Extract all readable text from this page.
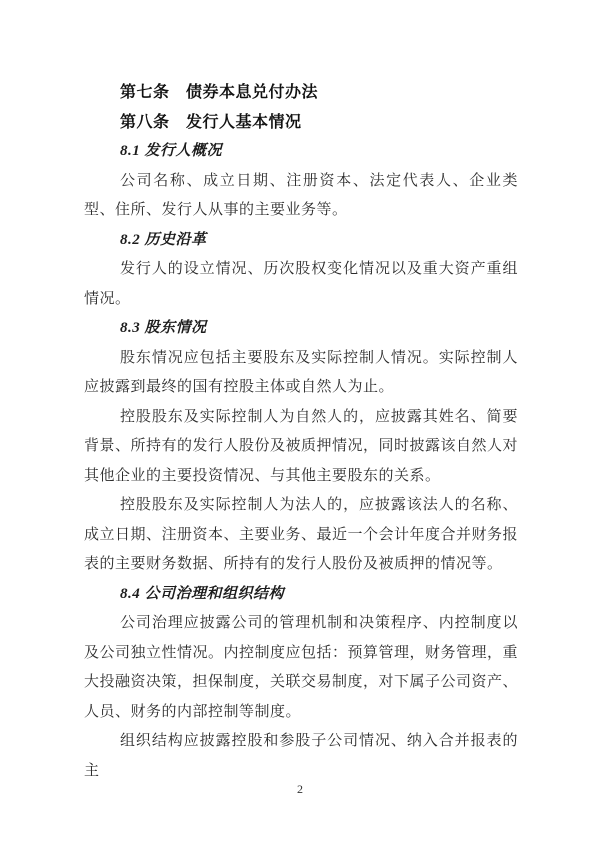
第七条　债券本息兑付办法
第八条　发行人基本情况
8.1 发行人概况
公司名称、成立日期、注册资本、法定代表人、企业类型、住所、发行人从事的主要业务等。
8.2 历史沿革
发行人的设立情况、历次股权变化情况以及重大资产重组情况。
8.3 股东情况
股东情况应包括主要股东及实际控制人情况。实际控制人应披露到最终的国有控股主体或自然人为止。
控股股东及实际控制人为自然人的，应披露其姓名、简要背景、所持有的发行人股份及被质押情况，同时披露该自然人对其他企业的主要投资情况、与其他主要股东的关系。
控股股东及实际控制人为法人的，应披露该法人的名称、成立日期、注册资本、主要业务、最近一个会计年度合并财务报表的主要财务数据、所持有的发行人股份及被质押的情况等。
8.4 公司治理和组织结构
公司治理应披露公司的管理机制和决策程序、内控制度以及公司独立性情况。内控制度应包括：预算管理，财务管理，重大投融资决策，担保制度，关联交易制度，对下属子公司资产、人员、财务的内部控制等制度。
组织结构应披露控股和参股子公司情况、纳入合并报表的主
2
